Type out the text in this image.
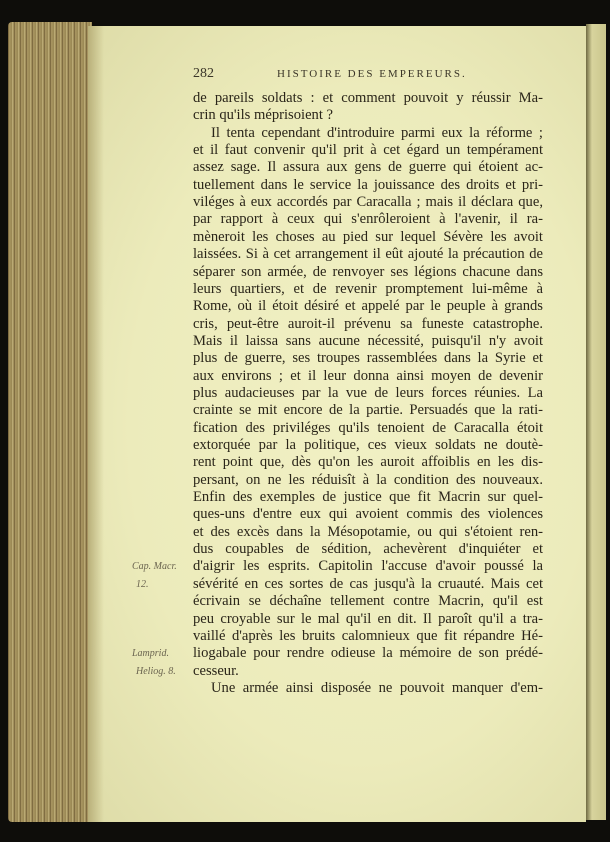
282	HISTOIRE DES EMPEREURS.
de pareils soldats : et comment pouvoit y réussir Ma-
crin qu'ils méprisoient ?
Il tenta cependant d'introduire parmi eux la réforme ;
et il faut convenir qu'il prit à cet égard un tempérament
assez sage. Il assura aux gens de guerre qui étoient ac-
tuellement dans le service la jouissance des droits et pri-
viléges à eux accordés par Caracalla ; mais il déclara que,
par rapport à ceux qui s'enrôleroient à l'avenir, il ra-
mèneroit les choses au pied sur lequel Sévère les avoit
laissées. Si à cet arrangement il eût ajouté la précaution de
séparer son armée, de renvoyer ses légions chacune dans
leurs quartiers, et de revenir promptement lui-même à
Rome, où il étoit désiré et appelé par le peuple à grands
cris, peut-être auroit-il prévenu sa funeste catastrophe.
Mais il laissa sans aucune nécessité, puisqu'il n'y avoit
plus de guerre, ses troupes rassemblées dans la Syrie et
aux environs ; et il leur donna ainsi moyen de devenir
plus audacieuses par la vue de leurs forces réunies. La
crainte se mit encore de la partie. Persuadés que la rati-
fication des priviléges qu'ils tenoient de Caracalla étoit
extorquée par la politique, ces vieux soldats ne doutè-
rent point que, dès qu'on les auroit affoiblis en les dis-
persant, on ne les réduisît à la condition des nouveaux.
Enfin des exemples de justice que fit Macrin sur quel-
ques-uns d'entre eux qui avoient commis des violences
et des excès dans la Mésopotamie, ou qui s'étoient ren-
dus coupables de sédition, achevèrent d'inquiéter et
d'aigrir les esprits. Capitolin l'accuse d'avoir poussé la
sévérité en ces sortes de cas jusqu'à la cruauté. Mais cet
écrivain se déchaîne tellement contre Macrin, qu'il est
peu croyable sur le mal qu'il en dit. Il paroît qu'il a tra-
vaillé d'après les bruits calomnieux que fit répandre Hé-
liogabale pour rendre odieuse la mémoire de son prédé-
cesseur.
Une armée ainsi disposée ne pouvoit manquer d'em-
Cap. Macr.
12.
Lamprid.
Heliog. 8.
